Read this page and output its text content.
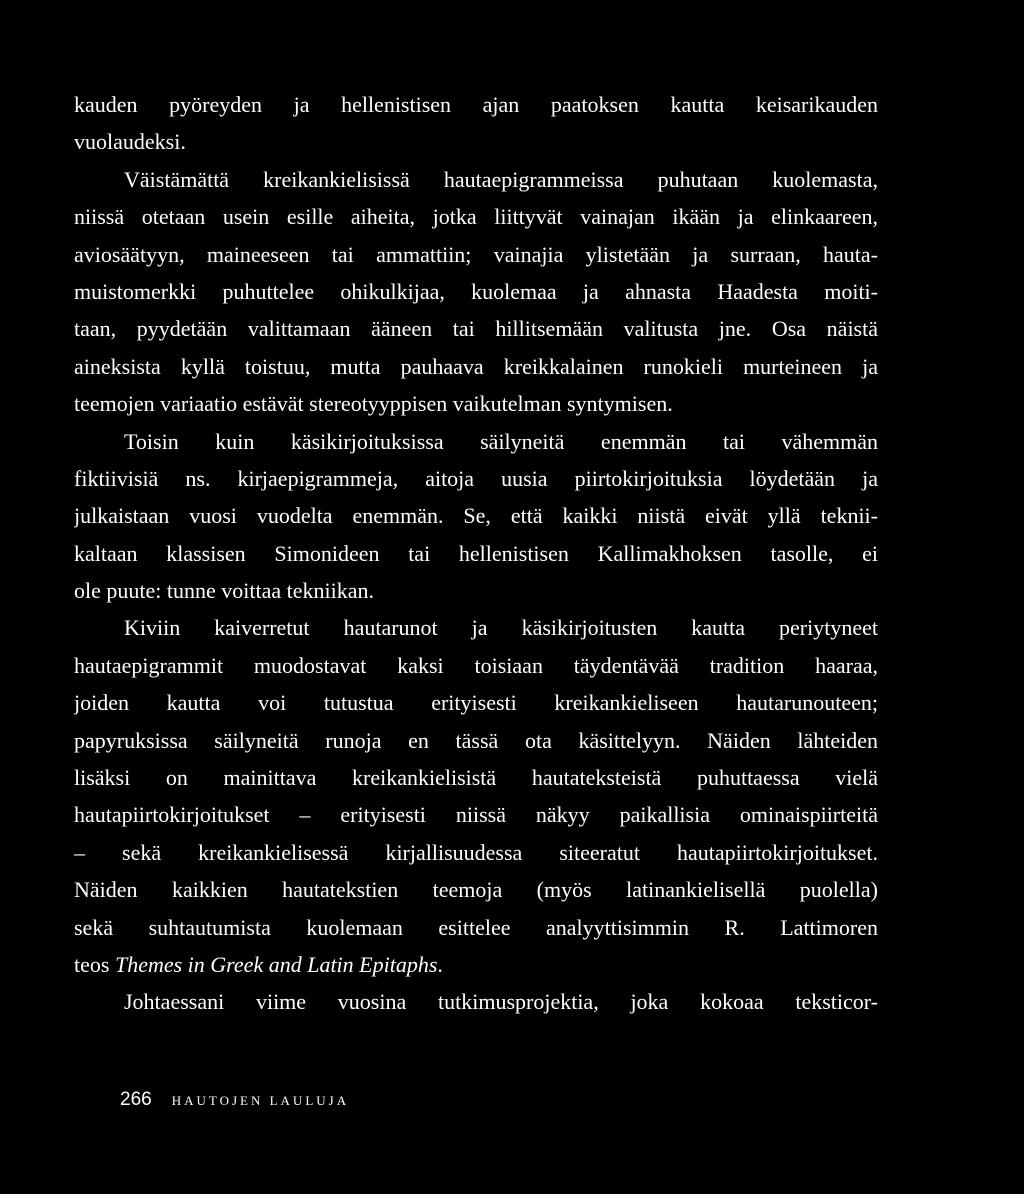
kauden pyöreyden ja hellenistisen ajan paatoksen kautta keisarikauden
vuolaudeksi.
Väistämättä kreikankielisissä hautaepigrammeissa puhutaan kuolemasta,
niissä otetaan usein esille aiheita, jotka liittyvät vainajan ikään ja elinkaareen,
aviosäätyyn, maineeseen tai ammattiin; vainajia ylistetään ja surraan, hauta-
muistomerkki puhuttelee ohikulkijaa, kuolemaa ja ahnasta Haadesta moiti-
taan, pyydetään valittamaan ääneen tai hillitsemään valitusta jne. Osa näistä
aineksista kyllä toistuu, mutta pauhaava kreikkalainen runokieli murteineen ja
teemojen variaatio estävät stereotyyppisen vaikutelman syntymisen.
Toisin kuin käsikirjoituksissa säilyneitä enemmän tai vähemmän
fiktiivisiä ns. kirjaepigrammeja, aitoja uusia piirtokirjoituksia löydetään ja
julkaistaan vuosi vuodelta enemmän. Se, että kaikki niistä eivät yllä teknii-
kaltaan klassisen Simonideen tai hellenistisen Kallimakhoksen tasolle, ei
ole puute: tunne voittaa tekniikan.
Kiviin kaiverretut hautarunot ja käsikirjoitusten kautta periytyneet
hautaepigrammit muodostavat kaksi toisiaan täydentävää tradition haaraa,
joiden kautta voi tutustua erityisesti kreikankieliseen hautarunouteen;
papyruksissa säilyneitä runoja en tässä ota käsittelyyn. Näiden lähteiden
lisäksi on mainittava kreikankielisistä hautateksteistä puhuttaessa vielä
hautapiirtokirjoitukset – erityisesti niissä näkyy paikallisia ominaispiirteitä
– sekä kreikankielisessä kirjallisuudessa siteeratut hautapiirtokirjoitukset.
Näiden kaikkien hautatekstien teemoja (myös latinankielisellä puolella)
sekä suhtautumista kuolemaan esittelee analyyttisimmin R. Lattimoren
teos Themes in Greek and Latin Epitaphs.
Johtaessani viime vuosina tutkimusprojektia, joka kokoaa teksticor-
266 HAUTOJEN LAULUJA
